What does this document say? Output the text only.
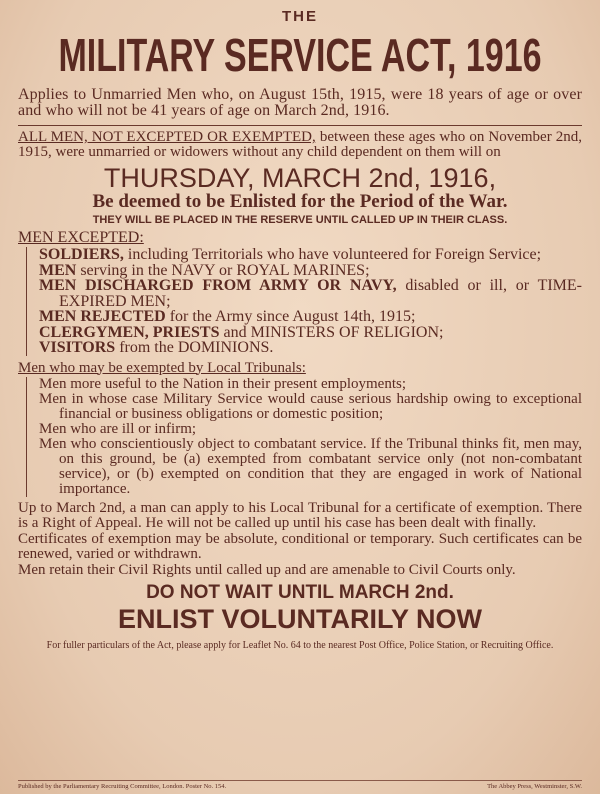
THE
MILITARY SERVICE ACT, 1916
Applies to Unmarried Men who, on August 15th, 1915, were 18 years of age or over and who will not be 41 years of age on March 2nd, 1916.
ALL MEN, NOT EXCEPTED OR EXEMPTED, between these ages who on November 2nd, 1915, were unmarried or widowers without any child dependent on them will on
THURSDAY, MARCH 2nd, 1916,
Be deemed to be Enlisted for the Period of the War.
THEY WILL BE PLACED IN THE RESERVE UNTIL CALLED UP IN THEIR CLASS.
MEN EXCEPTED:
SOLDIERS, including Territorials who have volunteered for Foreign Service;
MEN serving in the NAVY or ROYAL MARINES;
MEN DISCHARGED FROM ARMY OR NAVY, disabled or ill, or TIME-EXPIRED MEN;
MEN REJECTED for the Army since August 14th, 1915;
CLERGYMEN, PRIESTS and MINISTERS OF RELIGION;
VISITORS from the DOMINIONS.
Men who may be exempted by Local Tribunals:
Men more useful to the Nation in their present employments;
Men in whose case Military Service would cause serious hardship owing to exceptional financial or business obligations or domestic position;
Men who are ill or infirm;
Men who conscientiously object to combatant service. If the Tribunal thinks fit, men may, on this ground, be (a) exempted from combatant service only (not non-combatant service), or (b) exempted on condition that they are engaged in work of National importance.
Up to March 2nd, a man can apply to his Local Tribunal for a certificate of exemption. There is a Right of Appeal. He will not be called up until his case has been dealt with finally.
Certificates of exemption may be absolute, conditional or temporary. Such certificates can be renewed, varied or withdrawn.
Men retain their Civil Rights until called up and are amenable to Civil Courts only.
DO NOT WAIT UNTIL MARCH 2nd.
ENLIST VOLUNTARILY NOW
For fuller particulars of the Act, please apply for Leaflet No. 64 to the nearest Post Office, Police Station, or Recruiting Office.
Published by the Parliamentary Recruiting Committee, London. Poster No. 154.	The Abbey Press, Westminster, S.W.
